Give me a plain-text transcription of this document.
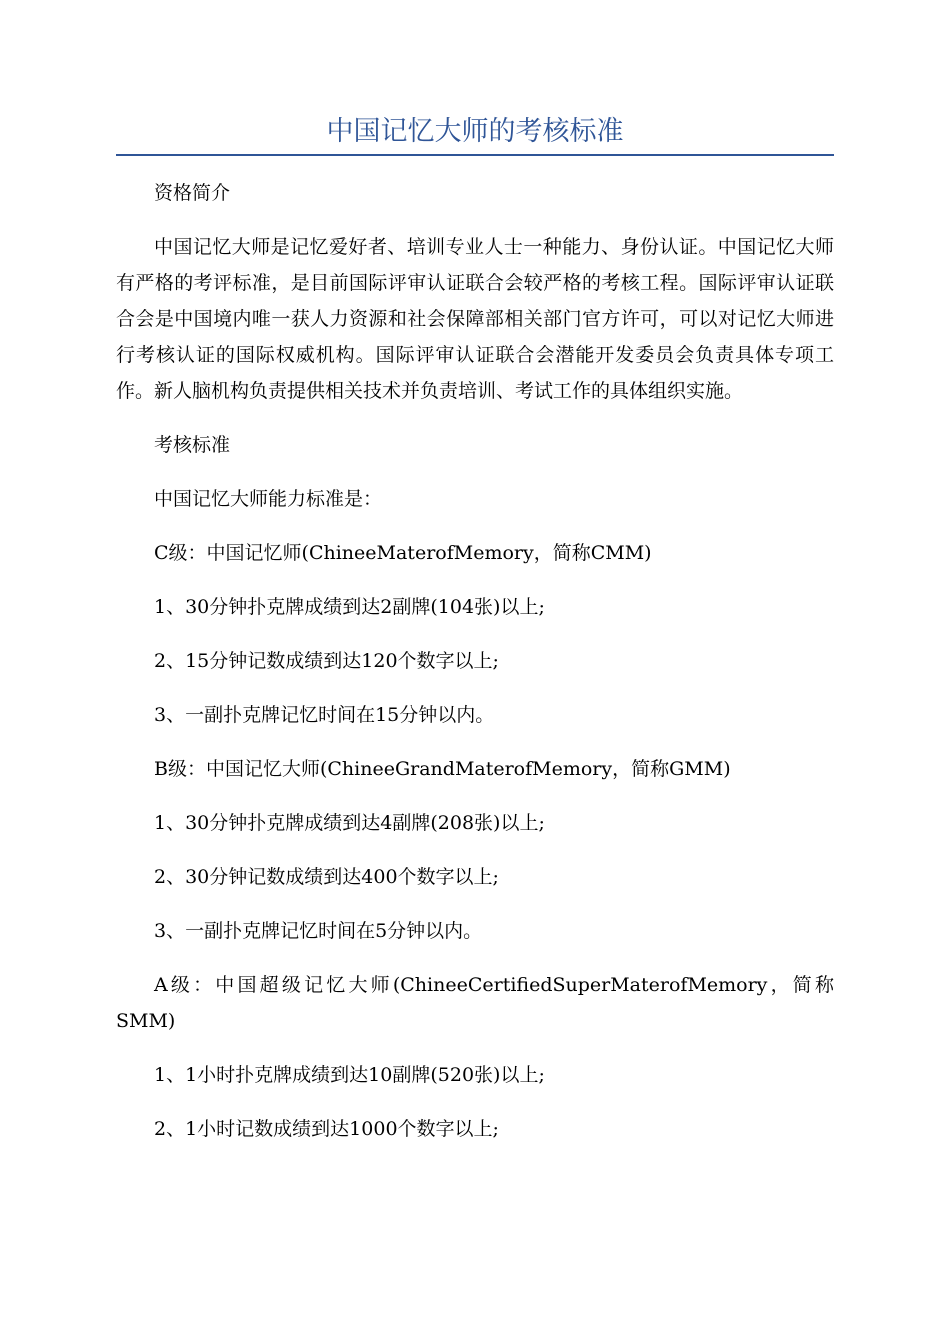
中国记忆大师的考核标准

资格简介

中国记忆大师是记忆爱好者、培训专业人士一种能力、身份认证。中国记忆大师有严格的考评标准，是目前国际评审认证联合会较严格的考核工程。国际评审认证联合会是中国境内唯一获人力资源和社会保障部相关部门官方许可，可以对记忆大师进行考核认证的国际权威机构。国际评审认证联合会潜能开发委员会负责具体专项工作。新人脑机构负责提供相关技术并负责培训、考试工作的具体组织实施。

考核标准

中国记忆大师能力标准是：

C级：中国记忆师(ChineeMaterofMemory，简称CMM)

1、30分钟扑克牌成绩到达2副牌(104张)以上;

2、15分钟记数成绩到达120个数字以上;

3、一副扑克牌记忆时间在15分钟以内。

B级：中国记忆大师(ChineeGrandMaterofMemory，简称GMM)

1、30分钟扑克牌成绩到达4副牌(208张)以上;

2、30分钟记数成绩到达400个数字以上;

3、一副扑克牌记忆时间在5分钟以内。

A级：中国超级记忆大师(ChineeCertifiedSuperMaterofMemory，简称SMM)

1、1小时扑克牌成绩到达10副牌(520张)以上;

2、1小时记数成绩到达1000个数字以上;
